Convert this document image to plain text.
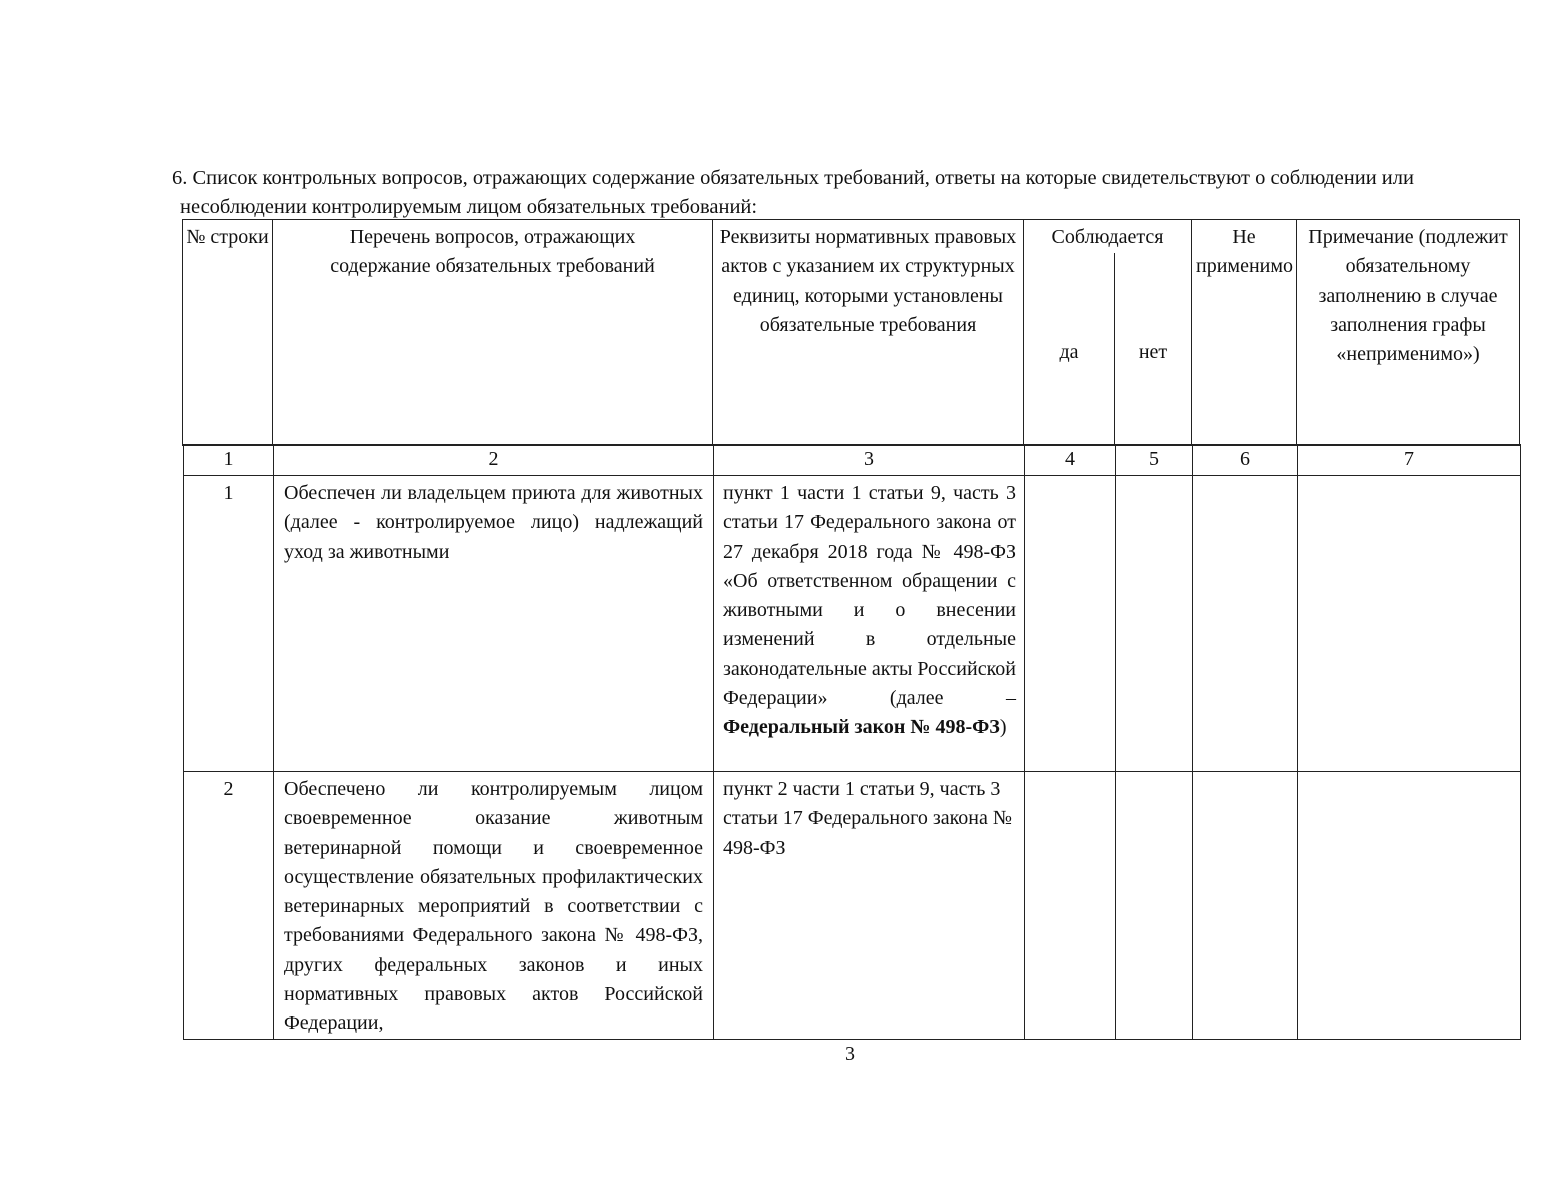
6. Список контрольных вопросов, отражающих содержание обязательных требований, ответы на которые свидетельствуют о соблюдении или
несоблюдении контролируемым лицом обязательных требований:

№ строки	Перечень вопросов, отражающих содержание обязательных требований	Реквизиты нормативных правовых актов с указанием их структурных единиц, которыми установлены обязательные требования	Соблюдается		Не применимо	Примечание (подлежит обязательному заполнению в случае заполнения графы «неприменимо»)
			да	нет		
1	2	3	4	5	6	7
1	Обеспечен ли владельцем приюта для животных (далее - контролируемое лицо) надлежащий уход за животными	пункт 1 части 1 статьи 9, часть 3 статьи 17 Федерального закона от 27 декабря 2018 года № 498-ФЗ «Об ответственном обращении с животными и о внесении изменений в отдельные законодательные акты Российской Федерации» (далее – Федеральный закон № 498-ФЗ)				
2	Обеспечено ли контролируемым лицом своевременное оказание животным ветеринарной помощи и своевременное осуществление обязательных профилактических ветеринарных мероприятий в соответствии с требованиями Федерального закона № 498-ФЗ, других федеральных законов и иных нормативных правовых актов Российской Федерации,	пункт 2 части 1 статьи 9, часть 3 статьи 17 Федерального закона № 498-ФЗ				
3
